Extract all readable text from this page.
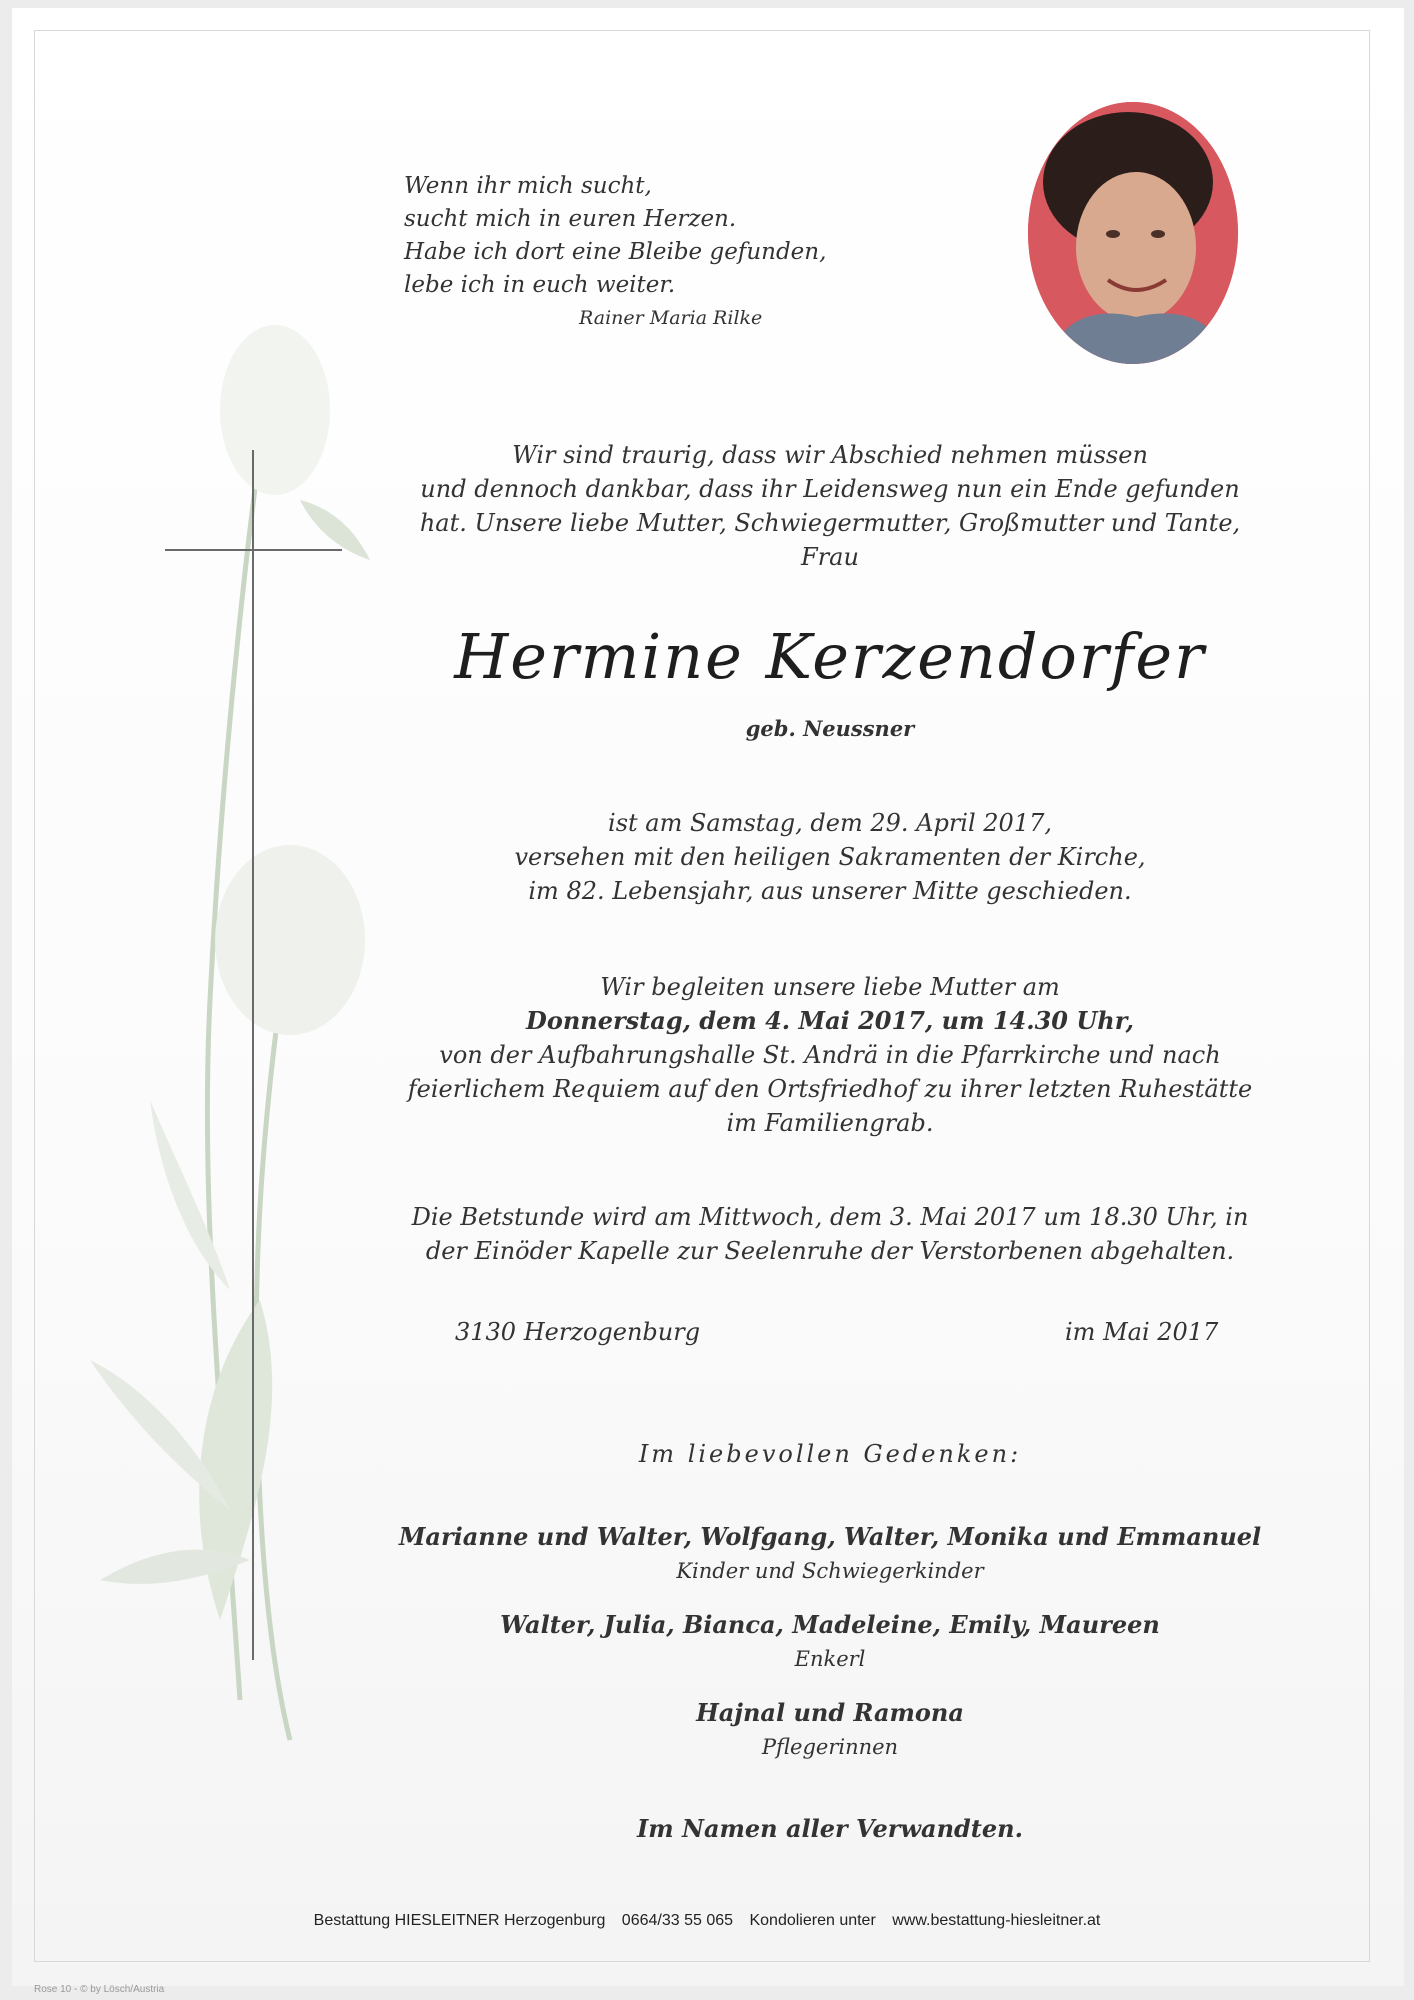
Wenn ihr mich sucht,
sucht mich in euren Herzen.
Habe ich dort eine Bleibe gefunden,
lebe ich in euch weiter.
Rainer Maria Rilke
Wir sind traurig, dass wir Abschied nehmen müssen
und dennoch dankbar, dass ihr Leidensweg nun ein Ende gefunden
hat. Unsere liebe Mutter, Schwiegermutter, Großmutter und Tante,
Frau
Hermine Kerzendorfer
geb. Neussner
ist am Samstag, dem 29. April 2017,
versehen mit den heiligen Sakramenten der Kirche,
im 82. Lebensjahr, aus unserer Mitte geschieden.
Wir begleiten unsere liebe Mutter am
Donnerstag, dem 4. Mai 2017, um 14.30 Uhr,
von der Aufbahrungshalle St. Andrä in die Pfarrkirche und nach
feierlichem Requiem auf den Ortsfriedhof zu ihrer letzten Ruhestätte
im Familiengrab.
Die Betstunde wird am Mittwoch, dem 3. Mai 2017 um 18.30 Uhr, in
der Einöder Kapelle zur Seelenruhe der Verstorbenen abgehalten.
3130 Herzogenburg	im Mai 2017
Im liebevollen Gedenken:
Marianne und Walter, Wolfgang, Walter, Monika und Emmanuel
Kinder und Schwiegerkinder
Walter, Julia, Bianca, Madeleine, Emily, Maureen
Enkerl
Hajnal und Ramona
Pflegerinnen
Im Namen aller Verwandten.
Bestattung HIESLEITNER Herzogenburg 0664/33 55 065 Kondolieren unter www.bestattung-hiesleitner.at
Rose 10 - © by Lösch/Austria
